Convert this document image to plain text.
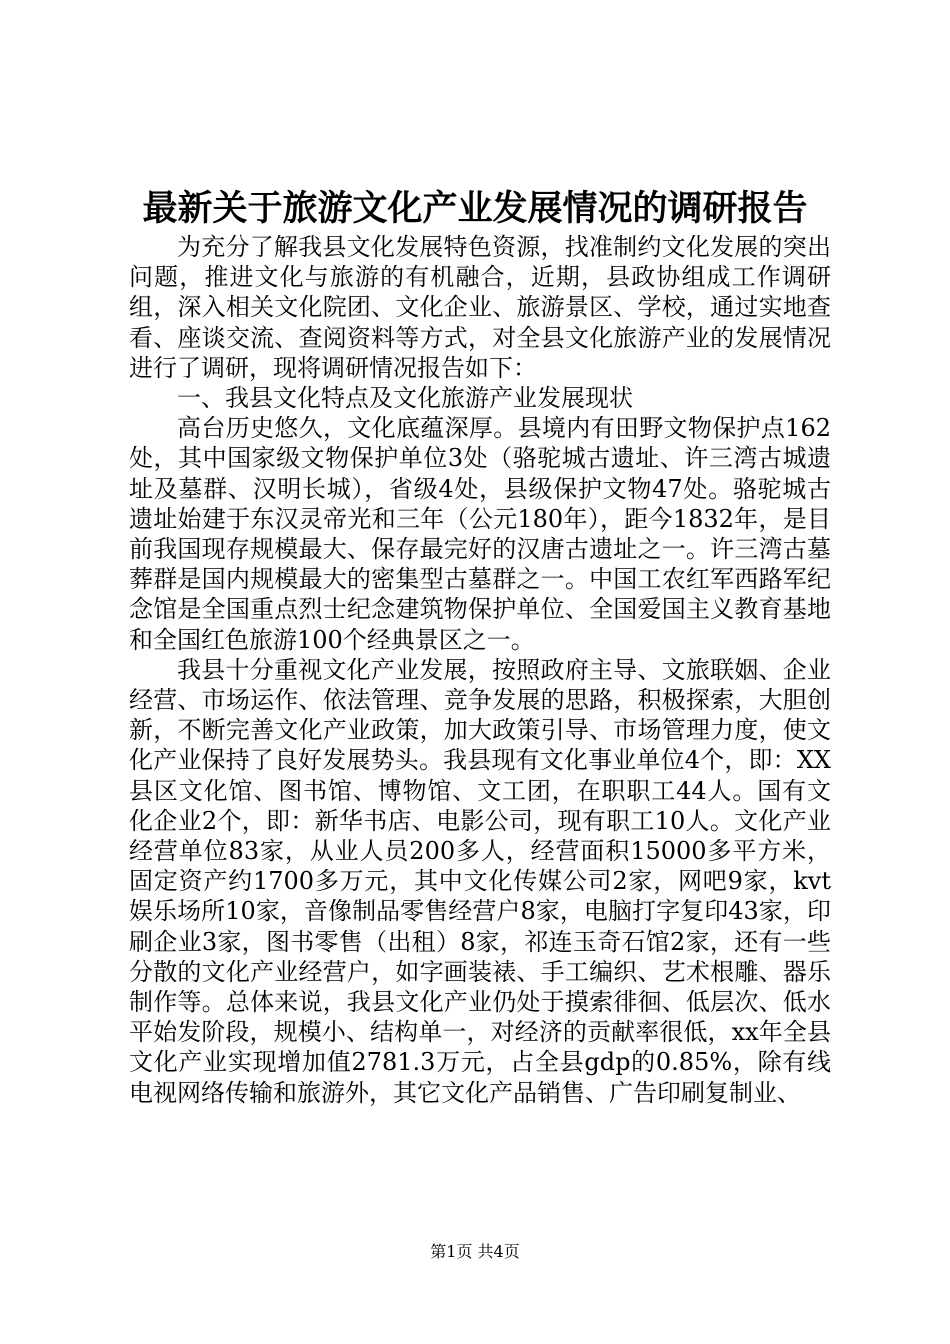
最新关于旅游文化产业发展情况的调研报告

为充分了解我县文化发展特色资源，找准制约文化发展的突出问题，推进文化与旅游的有机融合，近期，县政协组成工作调研组，深入相关文化院团、文化企业、旅游景区、学校，通过实地查看、座谈交流、查阅资料等方式，对全县文化旅游产业的发展情况进行了调研，现将调研情况报告如下：

一、我县文化特点及文化旅游产业发展现状

高台历史悠久，文化底蕴深厚。县境内有田野文物保护点162处，其中国家级文物保护单位3处（骆驼城古遗址、许三湾古城遗址及墓群、汉明长城），省级4处，县级保护文物47处。骆驼城古遗址始建于东汉灵帝光和三年（公元180年），距今1832年，是目前我国现存规模最大、保存最完好的汉唐古遗址之一。许三湾古墓葬群是国内规模最大的密集型古墓群之一。中国工农红军西路军纪念馆是全国重点烈士纪念建筑物保护单位、全国爱国主义教育基地和全国红色旅游100个经典景区之一。

我县十分重视文化产业发展，按照政府主导、文旅联姻、企业经营、市场运作、依法管理、竞争发展的思路，积极探索，大胆创新，不断完善文化产业政策，加大政策引导、市场管理力度，使文化产业保持了良好发展势头。我县现有文化事业单位4个，即：XX县区文化馆、图书馆、博物馆、文工团，在职职工44人。国有文化企业2个，即：新华书店、电影公司，现有职工10人。文化产业经营单位83家，从业人员200多人，经营面积15000多平方米，固定资产约1700多万元，其中文化传媒公司2家，网吧9家，kvt娱乐场所10家，音像制品零售经营户8家，电脑打字复印43家，印刷企业3家，图书零售（出租）8家，祁连玉奇石馆2家，还有一些分散的文化产业经营户，如字画装裱、手工编织、艺术根雕、器乐制作等。总体来说，我县文化产业仍处于摸索徘徊、低层次、低水平始发阶段，规模小、结构单一，对经济的贡献率很低，xx年全县文化产业实现增加值2781.3万元，占全县gdp的0.85%，除有线电视网络传输和旅游外，其它文化产品销售、广告印刷复制业、

第1页 共4页
